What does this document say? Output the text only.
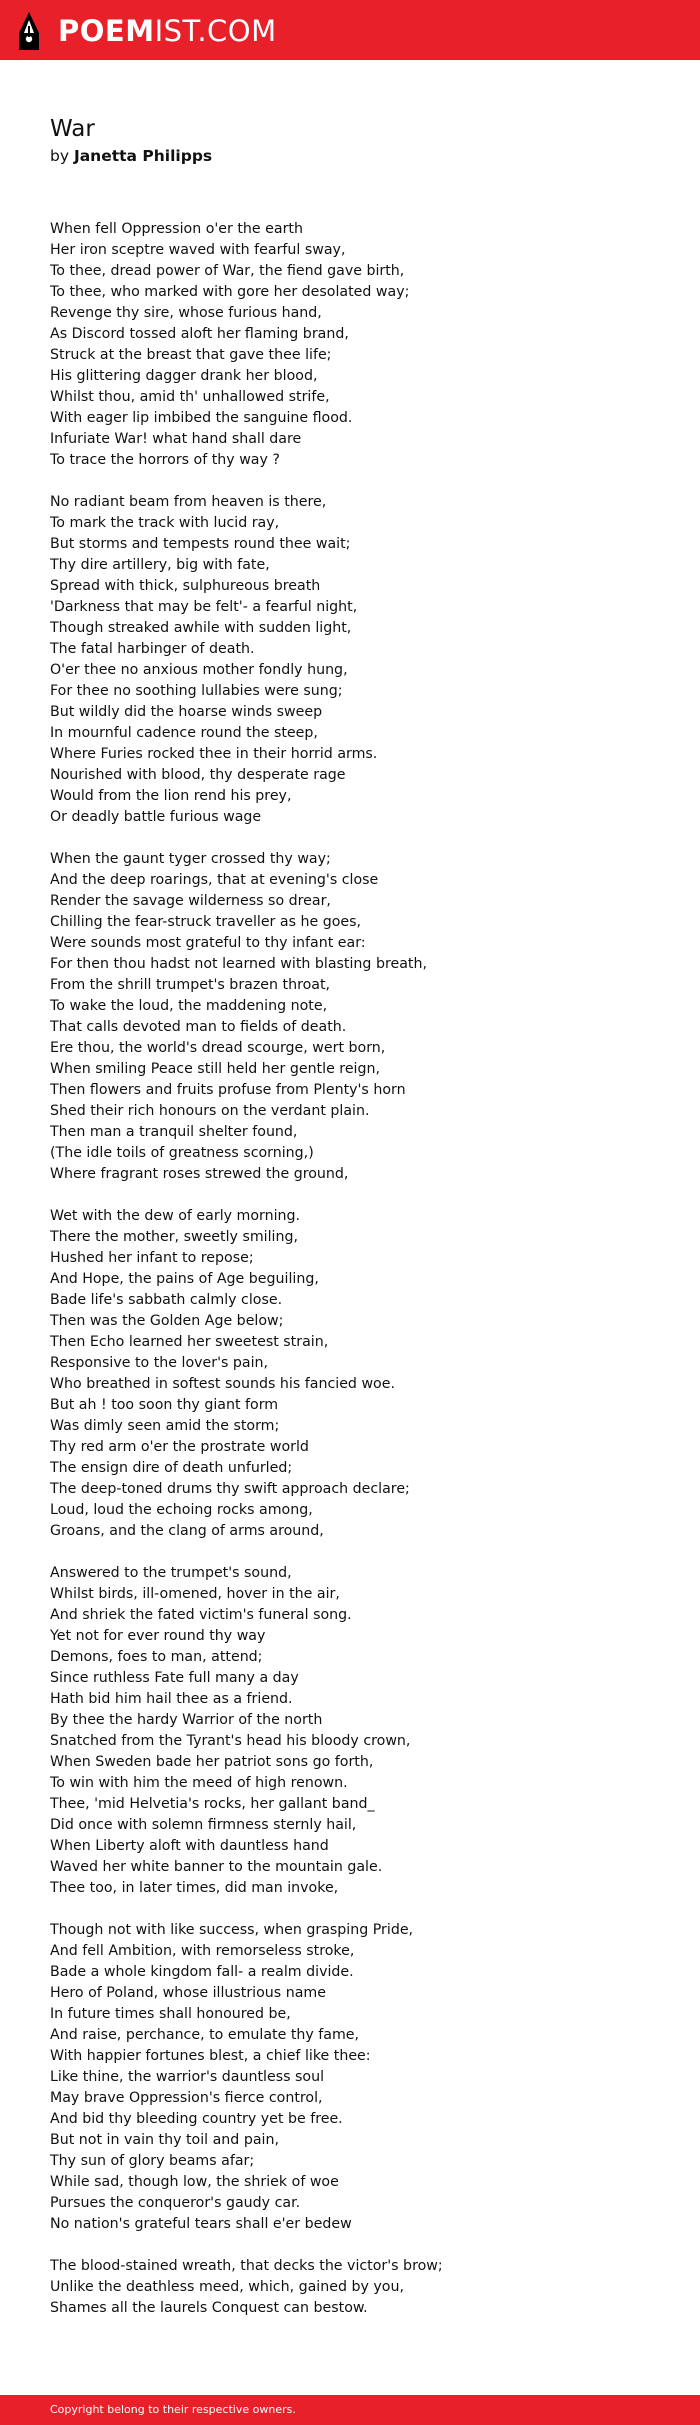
POEMIST.COM
War
by Janetta Philipps
When fell Oppression o'er the earth
Her iron sceptre waved with fearful sway,
To thee, dread power of War, the fiend gave birth,
To thee, who marked with gore her desolated way;
Revenge thy sire, whose furious hand,
As Discord tossed aloft her flaming brand,
Struck at the breast that gave thee life;
His glittering dagger drank her blood,
Whilst thou, amid th' unhallowed strife,
With eager lip imbibed the sanguine flood.
Infuriate War! what hand shall dare
To trace the horrors of thy way ?
No radiant beam from heaven is there,
To mark the track with lucid ray,
But storms and tempests round thee wait;
Thy dire artillery, big with fate,
Spread with thick, sulphureous breath
'Darkness that may be felt'- a fearful night,
Though streaked awhile with sudden light,
The fatal harbinger of death.
O'er thee no anxious mother fondly hung,
For thee no soothing lullabies were sung;
But wildly did the hoarse winds sweep
In mournful cadence round the steep,
Where Furies rocked thee in their horrid arms.
Nourished with blood, thy desperate rage
Would from the lion rend his prey,
Or deadly battle furious wage
When the gaunt tyger crossed thy way;
And the deep roarings, that at evening's close
Render the savage wilderness so drear,
Chilling the fear-struck traveller as he goes,
Were sounds most grateful to thy infant ear:
For then thou hadst not learned with blasting breath,
From the shrill trumpet's brazen throat,
To wake the loud, the maddening note,
That calls devoted man to fields of death.
Ere thou, the world's dread scourge, wert born,
When smiling Peace still held her gentle reign,
Then flowers and fruits profuse from Plenty's horn
Shed their rich honours on the verdant plain.
Then man a tranquil shelter found,
(The idle toils of greatness scorning,)
Where fragrant roses strewed the ground,
Wet with the dew of early morning.
There the mother, sweetly smiling,
Hushed her infant to repose;
And Hope, the pains of Age beguiling,
Bade life's sabbath calmly close.
Then was the Golden Age below;
Then Echo learned her sweetest strain,
Responsive to the lover's pain,
Who breathed in softest sounds his fancied woe.
But ah ! too soon thy giant form
Was dimly seen amid the storm;
Thy red arm o'er the prostrate world
The ensign dire of death unfurled;
The deep-toned drums thy swift approach declare;
Loud, loud the echoing rocks among,
Groans, and the clang of arms around,
Answered to the trumpet's sound,
Whilst birds, ill-omened, hover in the air,
And shriek the fated victim's funeral song.
Yet not for ever round thy way
Demons, foes to man, attend;
Since ruthless Fate full many a day
Hath bid him hail thee as a friend.
By thee the hardy Warrior of the north
Snatched from the Tyrant's head his bloody crown,
When Sweden bade her patriot sons go forth,
To win with him the meed of high renown.
Thee, 'mid Helvetia's rocks, her gallant band_
Did once with solemn firmness sternly hail,
When Liberty aloft with dauntless hand
Waved her white banner to the mountain gale.
Thee too, in later times, did man invoke,
Though not with like success, when grasping Pride,
And fell Ambition, with remorseless stroke,
Bade a whole kingdom fall- a realm divide.
Hero of Poland, whose illustrious name
In future times shall honoured be,
And raise, perchance, to emulate thy fame,
With happier fortunes blest, a chief like thee:
Like thine, the warrior's dauntless soul
May brave Oppression's fierce control,
And bid thy bleeding country yet be free.
But not in vain thy toil and pain,
Thy sun of glory beams afar;
While sad, though low, the shriek of woe
Pursues the conqueror's gaudy car.
No nation's grateful tears shall e'er bedew
The blood-stained wreath, that decks the victor's brow;
Unlike the deathless meed, which, gained by you,
Shames all the laurels Conquest can bestow.
Copyright belong to their respective owners.
